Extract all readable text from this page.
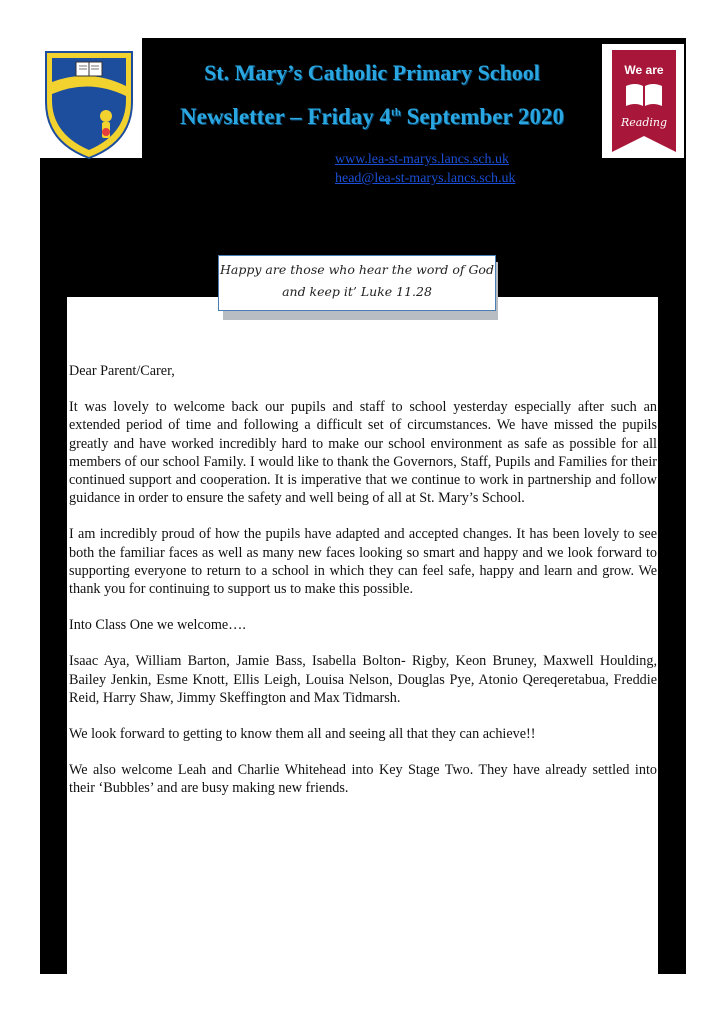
St. Mary’s Catholic Primary School
Newsletter – Friday 4th September 2020
We are
Reading
www.lea-st-marys.lancs.sch.uk
head@lea-st-marys.lancs.sch.uk
Happy are those who hear the word of God
and keep it’ Luke 11.28

Dear Parent/Carer,

It was lovely to welcome back our pupils and staff to school yesterday especially after such an extended period of time and following a difficult set of circumstances. We have missed the pupils greatly and have worked incredibly hard to make our school environment as safe as possible for all members of our school Family. I would like to thank the Governors, Staff, Pupils and Families for their continued support and cooperation. It is imperative that we continue to work in partnership and follow guidance in order to ensure the safety and well being of all at St. Mary’s School.

I am incredibly proud of how the pupils have adapted and accepted changes. It has been lovely to see both the familiar faces as well as many new faces looking so smart and happy and we look forward to supporting everyone to return to a school in which they can feel safe, happy and learn and grow. We thank you for continuing to support us to make this possible.

Into Class One we welcome….

Isaac Aya, William Barton, Jamie Bass, Isabella Bolton- Rigby, Keon Bruney, Maxwell Houlding, Bailey Jenkin, Esme Knott, Ellis Leigh, Louisa Nelson, Douglas Pye, Atonio Qereqeretabua, Freddie Reid, Harry Shaw, Jimmy Skeffington and Max Tidmarsh.

We look forward to getting to know them all and seeing all that they can achieve!!

We also welcome Leah and Charlie Whitehead into Key Stage Two. They have already settled into their ‘Bubbles’ and are busy making new friends.
